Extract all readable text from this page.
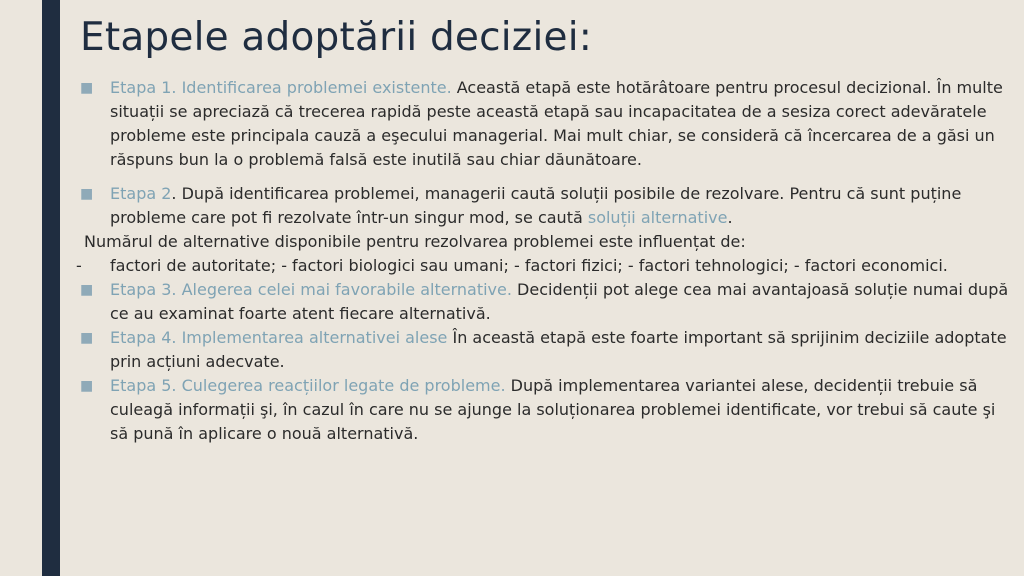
Etapele adoptării deciziei:

■ Etapa 1. Identificarea problemei existente. Această etapă este hotărâtoare pentru procesul decizional. În multe situații se apreciază că trecerea rapidă peste această etapă sau incapacitatea de a sesiza corect adevăratele probleme este principala cauză a eşecului managerial. Mai mult chiar, se consideră că încercarea de a găsi un răspuns bun la o problemă falsă este inutilă sau chiar dăunătoare.

■ Etapa 2. După identificarea problemei, managerii caută soluții posibile de rezolvare. Pentru că sunt puține probleme care pot fi rezolvate într-un singur mod, se caută soluții alternative.

Numărul de alternative disponibile pentru rezolvarea problemei este influențat de:

- factori de autoritate; - factori biologici sau umani; - factori fizici; - factori tehnologici; - factori economici.

■ Etapa 3. Alegerea celei mai favorabile alternative. Decidenții pot alege cea mai avantajoasă soluție numai după ce au examinat foarte atent fiecare alternativă.

■ Etapa 4. Implementarea alternativei alese În această etapă este foarte important să sprijinim deciziile adoptate prin acțiuni adecvate.

■ Etapa 5. Culegerea reacțiilor legate de probleme. După implementarea variantei alese, decidenții trebuie să culeagă informații şi, în cazul în care nu se ajunge la soluționarea problemei identificate, vor trebui să caute şi să pună în aplicare o nouă alternativă.
